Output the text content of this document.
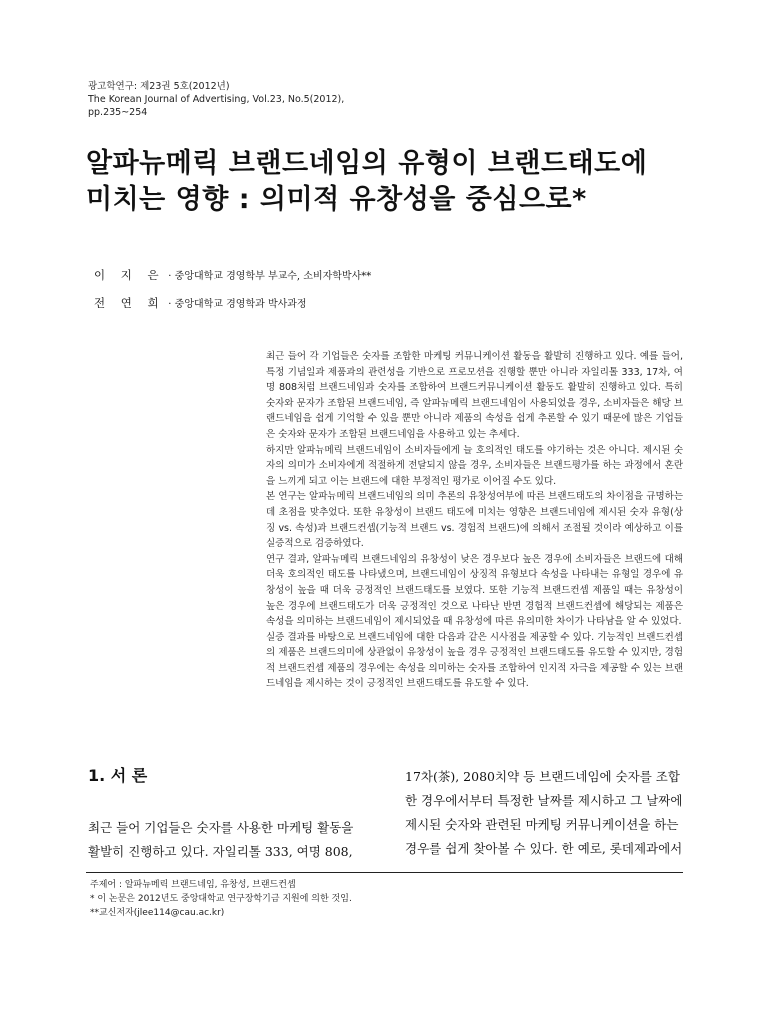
광고학연구: 제23권 5호(2012년)
The Korean Journal of Advertising, Vol.23, No.5(2012),
pp.235~254
알파뉴메릭 브랜드네임의 유형이 브랜드태도에
미치는 영향 : 의미적 유창성을 중심으로*
이 지 은 · 중앙대학교 경영학부 부교수, 소비자학박사**
전 연 희 · 중앙대학교 경영학과 박사과정

최근 들어 각 기업들은 숫자를 조합한 마케팅 커뮤니케이션 활동을 활발히 진행하고 있다. 예를 들어, 특정 기념일과 제품과의 관련성을 기반으로 프로모션을 진행할 뿐만 아니라 자일리톨 333, 17차, 여명 808처럼 브랜드네임과 숫자를 조합하여 브랜드커뮤니케이션 활동도 활발히 진행하고 있다. 특히 숫자와 문자가 조합된 브랜드네임, 즉 알파뉴메릭 브랜드네임이 사용되었을 경우, 소비자들은 해당 브랜드네임을 쉽게 기억할 수 있을 뿐만 아니라 제품의 속성을 쉽게 추론할 수 있기 때문에 많은 기업들은 숫자와 문자가 조합된 브랜드네임을 사용하고 있는 추세다.

하지만 알파뉴메릭 브랜드네임이 소비자들에게 늘 호의적인 태도를 야기하는 것은 아니다. 제시된 숫자의 의미가 소비자에게 적절하게 전달되지 않을 경우, 소비자들은 브랜드평가를 하는 과정에서 혼란을 느끼게 되고 이는 브랜드에 대한 부정적인 평가로 이어질 수도 있다.

본 연구는 알파뉴메릭 브랜드네임의 의미 추론의 유창성여부에 따른 브랜드태도의 차이점을 규명하는데 초점을 맞추었다. 또한 유창성이 브랜드 태도에 미치는 영향은 브랜드네임에 제시된 숫자 유형(상징 vs. 속성)과 브랜드컨셉(기능적 브랜드 vs. 경험적 브랜드)에 의해서 조절될 것이라 예상하고 이를 실증적으로 검증하였다.

연구 결과, 알파뉴메릭 브랜드네임의 유창성이 낮은 경우보다 높은 경우에 소비자들은 브랜드에 대해 더욱 호의적인 태도를 나타냈으며, 브랜드네임이 상징적 유형보다 속성을 나타내는 유형일 경우에 유창성이 높을 때 더욱 긍정적인 브랜드태도를 보였다. 또한 기능적 브랜드컨셉 제품일 때는 유창성이 높은 경우에 브랜드태도가 더욱 긍정적인 것으로 나타난 반면 경험적 브랜드컨셉에 해당되는 제품은 속성을 의미하는 브랜드네임이 제시되었을 때 유창성에 따른 유의미한 차이가 나타남을 알 수 있었다.

실증 결과를 바탕으로 브랜드네임에 대한 다음과 같은 시사점을 제공할 수 있다. 기능적인 브랜드컨셉의 제품은 브랜드의미에 상관없이 유창성이 높을 경우 긍정적인 브랜드태도를 유도할 수 있지만, 경험적 브랜드컨셉 제품의 경우에는 속성을 의미하는 숫자를 조합하여 인지적 자극을 제공할 수 있는 브랜드네임을 제시하는 것이 긍정적인 브랜드태도를 유도할 수 있다.

1. 서 론

최근 들어 기업들은 숫자를 사용한 마케팅 활동을

활발히 진행하고 있다. 자일리톨 333, 여명 808,

17차(茶), 2080치약 등 브랜드네임에 숫자를 조합

한 경우에서부터 특정한 날짜를 제시하고 그 날짜에

제시된 숫자와 관련된 마케팅 커뮤니케이션을 하는

경우를 쉽게 찾아볼 수 있다. 한 예로, 롯데제과에서

주제어 : 알파뉴메릭 브랜드네임, 유창성, 브랜드컨셉
* 이 논문은 2012년도 중앙대학교 연구장학기금 지원에 의한 것임.
**교신저자(jlee114@cau.ac.kr)
